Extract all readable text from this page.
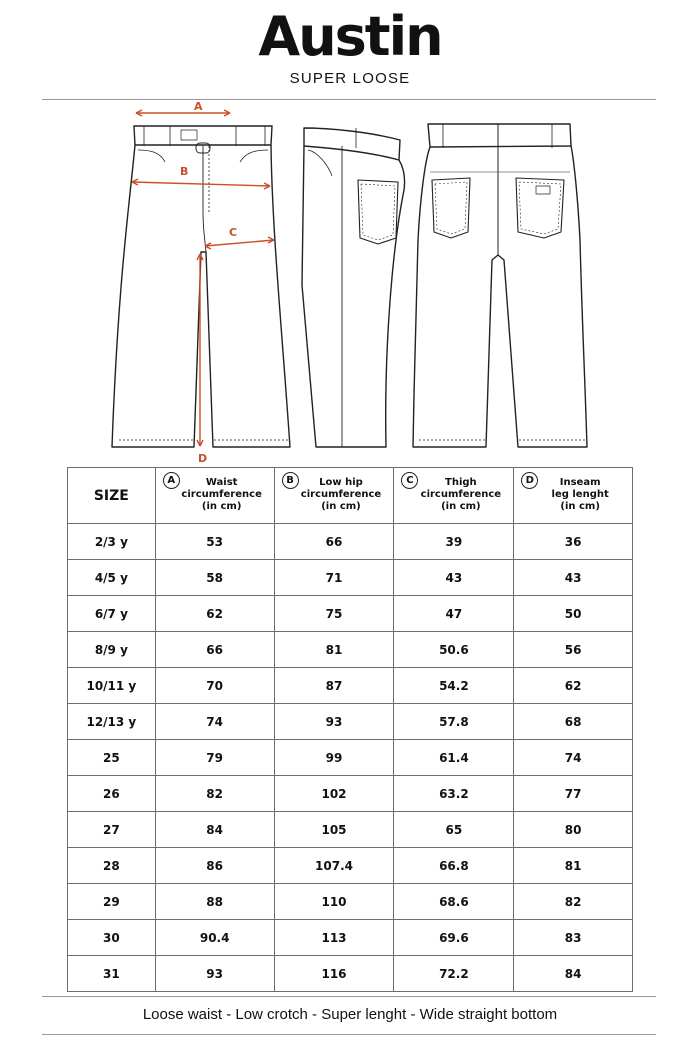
Austin
SUPER LOOSE
A
B
C
D
SIZE	A Waist
circumference
(in cm)	B Low hip
circumference
(in cm)	C Thigh
circumference
(in cm)	D Inseam
leg lenght
(in cm)

2/3 y	53	66	39	36
4/5 y	58	71	43	43
6/7 y	62	75	47	50
8/9 y	66	81	50.6	56
10/11 y	70	87	54.2	62
12/13 y	74	93	57.8	68
25	79	99	61.4	74
26	82	102	63.2	77
27	84	105	65	80
28	86	107.4	66.8	81
29	88	110	68.6	82
30	90.4	113	69.6	83
31	93	116	72.2	84
Loose waist - Low crotch - Super lenght - Wide straight bottom
